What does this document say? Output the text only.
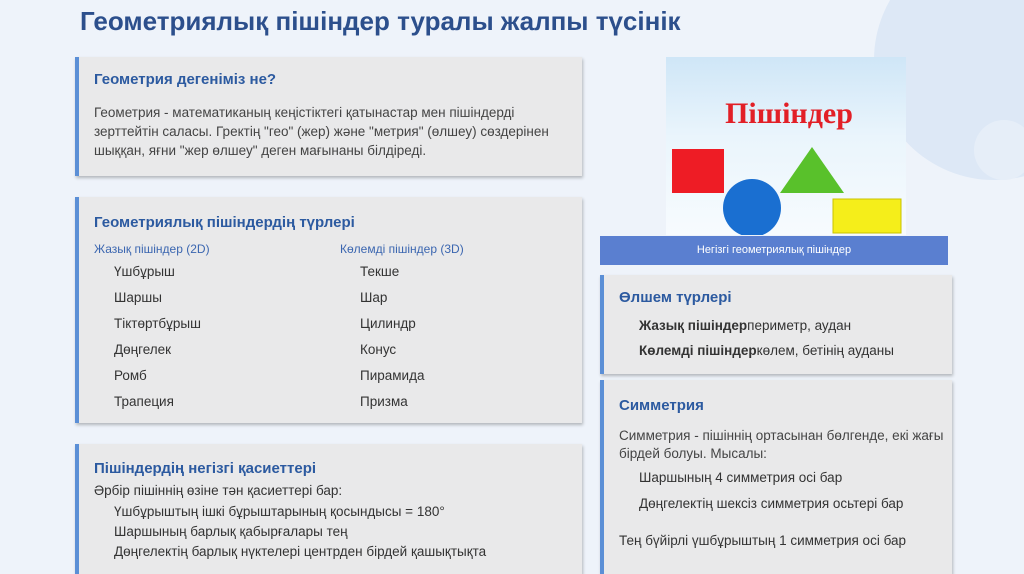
Геометриялық пішіндер туралы жалпы түсінік
Геометрия дегеніміз не?
Геометрия - математиканың кеңістіктегі қатынастар мен пішіндерді зерттейтін саласы. Гректің "гео" (жер) және "метрия" (өлшеу) сөздерінен шыққан, яғни "жер өлшеу" деген мағынаны білдіреді.
Геометриялық пішіндердің түрлері
Жазық пішіндер (2D)	Көлемді пішіндер (3D)
Үшбұрыш
Шаршы
Тіктөртбұрыш
Дөңгелек
Ромб
Трапеция
Текше
Шар
Цилиндр
Конус
Пирамида
Призма
Пішіндердің негізгі қасиеттері
Әрбір пішіннің өзіне тән қасиеттері бар:
Үшбұрыштың ішкі бұрыштарының қосындысы = 180°
Шаршының барлық қабырғалары тең
Дөңгелектің барлық нүктелері центрден бірдей қашықтықта
Пішіндер
Негізгі геометриялық пішіндер
Өлшем түрлері
Жазық пішіндерпериметр, аудан
Көлемді пішіндеркөлем, бетінің ауданы
Симметрия
Симметрия - пішіннің ортасынан бөлгенде, екі жағы бірдей болуы. Мысалы:
Шаршының 4 симметрия осі бар
Дөңгелектің шексіз симметрия осьтері бар
Тең бүйірлі үшбұрыштың 1 симметрия осі бар
